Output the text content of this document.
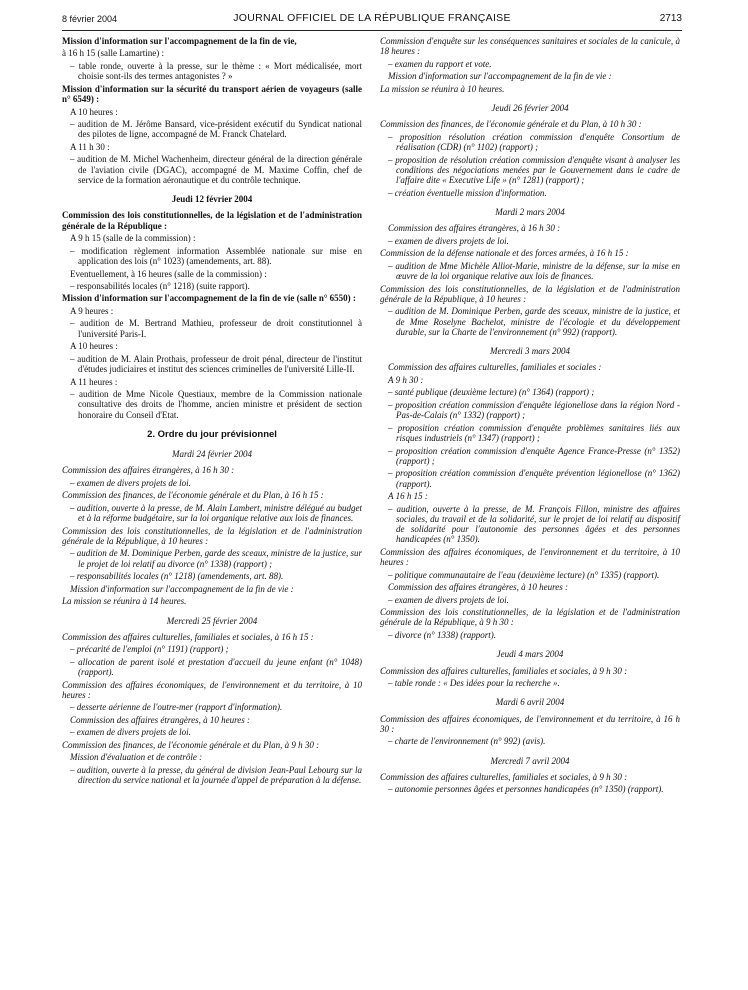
8 février 2004	JOURNAL OFFICIEL DE LA RÉPUBLIQUE FRANÇAISE	2713

Mission d'information sur l'accompagnement de la fin de vie,

à 16 h 15 (salle Lamartine) :

– table ronde, ouverte à la presse, sur le thème : « Mort médicalisée, mort choisie sont-ils des termes antagonistes ? »

Mission d'information sur la sécurité du transport aérien de voyageurs (salle n° 6549) :

A 10 heures :

– audition de M. Jérôme Bansard, vice-président exécutif du Syndicat national des pilotes de ligne, accompagné de M. Franck Chatelard.

A 11 h 30 :

– audition de M. Michel Wachenheim, directeur général de la direction générale de l'aviation civile (DGAC), accompagné de M. Maxime Coffin, chef de service de la formation aéronautique et du contrôle technique.

Jeudi 12 février 2004

Commission des lois constitutionnelles, de la législation et de l'administration générale de la République :

A 9 h 15 (salle de la commission) :

– modification règlement information Assemblée nationale sur mise en application des lois (n° 1023) (amendements, art. 88).

Eventuellement, à 16 heures (salle de la commission) :

– responsabilités locales (n° 1218) (suite rapport).

Mission d'information sur l'accompagnement de la fin de vie (salle n° 6550) :

A 9 heures :

– audition de M. Bertrand Mathieu, professeur de droit constitutionnel à l'université Paris-I.

A 10 heures :

– audition de M. Alain Prothais, professeur de droit pénal, directeur de l'institut d'études judiciaires et institut des sciences criminelles de l'université Lille-II.

A 11 heures :

– audition de Mme Nicole Questiaux, membre de la Commission nationale consultative des droits de l'homme, ancien ministre et président de section honoraire du Conseil d'Etat.

2. Ordre du jour prévisionnel

Mardi 24 février 2004

Commission des affaires étrangères, à 16 h 30 :

– examen de divers projets de loi.

Commission des finances, de l'économie générale et du Plan, à 16 h 15 :

– audition, ouverte à la presse, de M. Alain Lambert, ministre délégué au budget et à la réforme budgétaire, sur la loi organique relative aux lois de finances.

Commission des lois constitutionnelles, de la législation et de l'administration générale de la République, à 10 heures :

– audition de M. Dominique Perben, garde des sceaux, ministre de la justice, sur le projet de loi relatif au divorce (n° 1338) (rapport) ;

– responsabilités locales (n° 1218) (amendements, art. 88).

Mission d'information sur l'accompagnement de la fin de vie :

La mission se réunira à 14 heures.

Mercredi 25 février 2004

Commission des affaires culturelles, familiales et sociales, à 16 h 15 :

– précarité de l'emploi (n° 1191) (rapport) ;

– allocation de parent isolé et prestation d'accueil du jeune enfant (n° 1048) (rapport).

Commission des affaires économiques, de l'environnement et du territoire, à 10 heures :

– desserte aérienne de l'outre-mer (rapport d'information).

Commission des affaires étrangères, à 10 heures :

– examen de divers projets de loi.

Commission des finances, de l'économie générale et du Plan, à 9 h 30 :

Mission d'évaluation et de contrôle :

– audition, ouverte à la presse, du général de division Jean-Paul Lebourg sur la direction du service national et la journée d'appel de préparation à la défense.

Commission d'enquête sur les conséquences sanitaires et sociales de la canicule, à 18 heures :

– examen du rapport et vote.

Mission d'information sur l'accompagnement de la fin de vie :

La mission se réunira à 10 heures.

Jeudi 26 février 2004

Commission des finances, de l'économie générale et du Plan, à 10 h 30 :

– proposition résolution création commission d'enquête Consortium de réalisation (CDR) (n° 1102) (rapport) ;

– proposition de résolution création commission d'enquête visant à analyser les conditions des négociations menées par le Gouvernement dans le cadre de l'affaire dite « Executive Life » (n° 1281) (rapport) ;

– création éventuelle mission d'information.

Mardi 2 mars 2004

Commission des affaires étrangères, à 16 h 30 :

– examen de divers projets de loi.

Commission de la défense nationale et des forces armées, à 16 h 15 :

– audition de Mme Michèle Alliot-Marie, ministre de la défense, sur la mise en œuvre de la loi organique relative aux lois de finances.

Commission des lois constitutionnelles, de la législation et de l'administration générale de la République, à 10 heures :

– audition de M. Dominique Perben, garde des sceaux, ministre de la justice, et de Mme Roselyne Bachelot, ministre de l'écologie et du développement durable, sur la Charte de l'environnement (n° 992) (rapport).

Mercredi 3 mars 2004

Commission des affaires culturelles, familiales et sociales :

A 9 h 30 :

– santé publique (deuxième lecture) (n° 1364) (rapport) ;

– proposition création commission d'enquête légionellose dans la région Nord - Pas-de-Calais (n° 1332) (rapport) ;

– proposition création commission d'enquête problèmes sanitaires liés aux risques industriels (n° 1347) (rapport) ;

– proposition création commission d'enquête Agence France-Presse (n° 1352) (rapport) ;

– proposition création commission d'enquête prévention légionellose (n° 1362) (rapport).

A 16 h 15 :

– audition, ouverte à la presse, de M. François Fillon, ministre des affaires sociales, du travail et de la solidarité, sur le projet de loi relatif au dispositif de solidarité pour l'autonomie des personnes âgées et des personnes handicapées (n° 1350).

Commission des affaires économiques, de l'environnement et du territoire, à 10 heures :

– politique communautaire de l'eau (deuxième lecture) (n° 1335) (rapport).

Commission des affaires étrangères, à 10 heures :

– examen de divers projets de loi.

Commission des lois constitutionnelles, de la législation et de l'administration générale de la République, à 9 h 30 :

– divorce (n° 1338) (rapport).

Jeudi 4 mars 2004

Commission des affaires culturelles, familiales et sociales, à 9 h 30 :

– table ronde : « Des idées pour la recherche ».

Mardi 6 avril 2004

Commission des affaires économiques, de l'environnement et du territoire, à 16 h 30 :

– charte de l'environnement (n° 992) (avis).

Mercredi 7 avril 2004

Commission des affaires culturelles, familiales et sociales, à 9 h 30 :

– autonomie personnes âgées et personnes handicapées (n° 1350) (rapport).
